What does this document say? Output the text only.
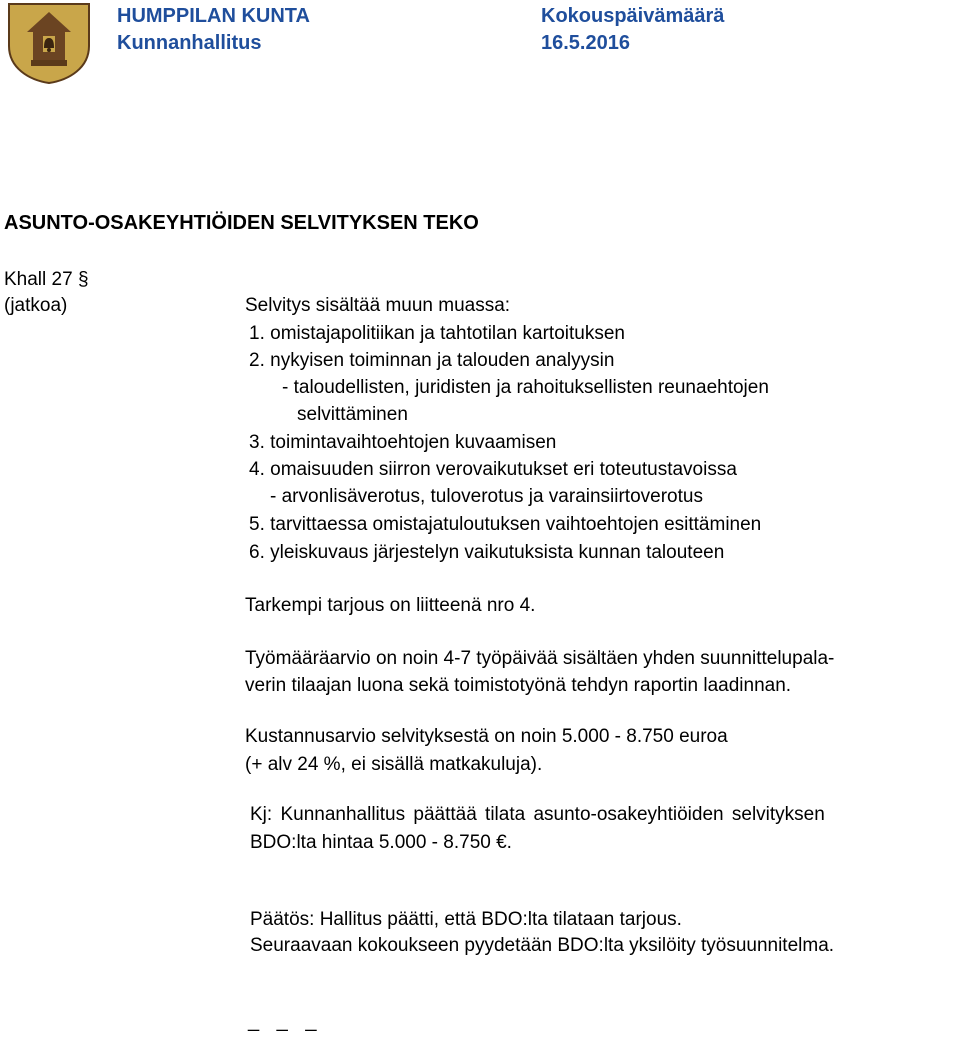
HUMPPILAN KUNTA
Kunnanhallitus
Kokouspäivämäärä
16.5.2016
ASUNTO-OSAKEYHTIÖIDEN SELVITYKSEN TEKO
Khall 27 §
(jatkoa)	Selvitys sisältää muun muassa:
1. omistajapolitiikan ja tahtotilan kartoituksen
2. nykyisen toiminnan ja talouden analyysin
- taloudellisten, juridisten ja rahoituksellisten reunaehtojen
selvittäminen
3. toimintavaihtoehtojen kuvaamisen
4. omaisuuden siirron verovaikutukset eri toteutustavoissa
- arvonlisäverotus, tuloverotus ja varainsiirtoverotus
5. tarvittaessa omistajatuloutuksen vaihtoehtojen esittäminen
6. yleiskuvaus järjestelyn vaikutuksista kunnan talouteen
Tarkempi tarjous on liitteenä nro 4.
Työmääräarvio on noin 4-7 työpäivää sisältäen yhden suunnittelupala-
verin tilaajan luona sekä toimistotyönä tehdyn raportin laadinnan.
Kustannusarvio selvityksestä on noin 5.000 - 8.750 euroa
(+ alv 24 %, ei sisällä matkakuluja).
Kj: Kunnanhallitus päättää tilata asunto-osakeyhtiöiden selvityksen
BDO:lta hintaa 5.000 - 8.750 €.
Päätös: Hallitus päätti, että BDO:lta tilataan tarjous.
Seuraavaan kokoukseen pyydetään BDO:lta yksilöity työsuunnitelma.
_ _ _
